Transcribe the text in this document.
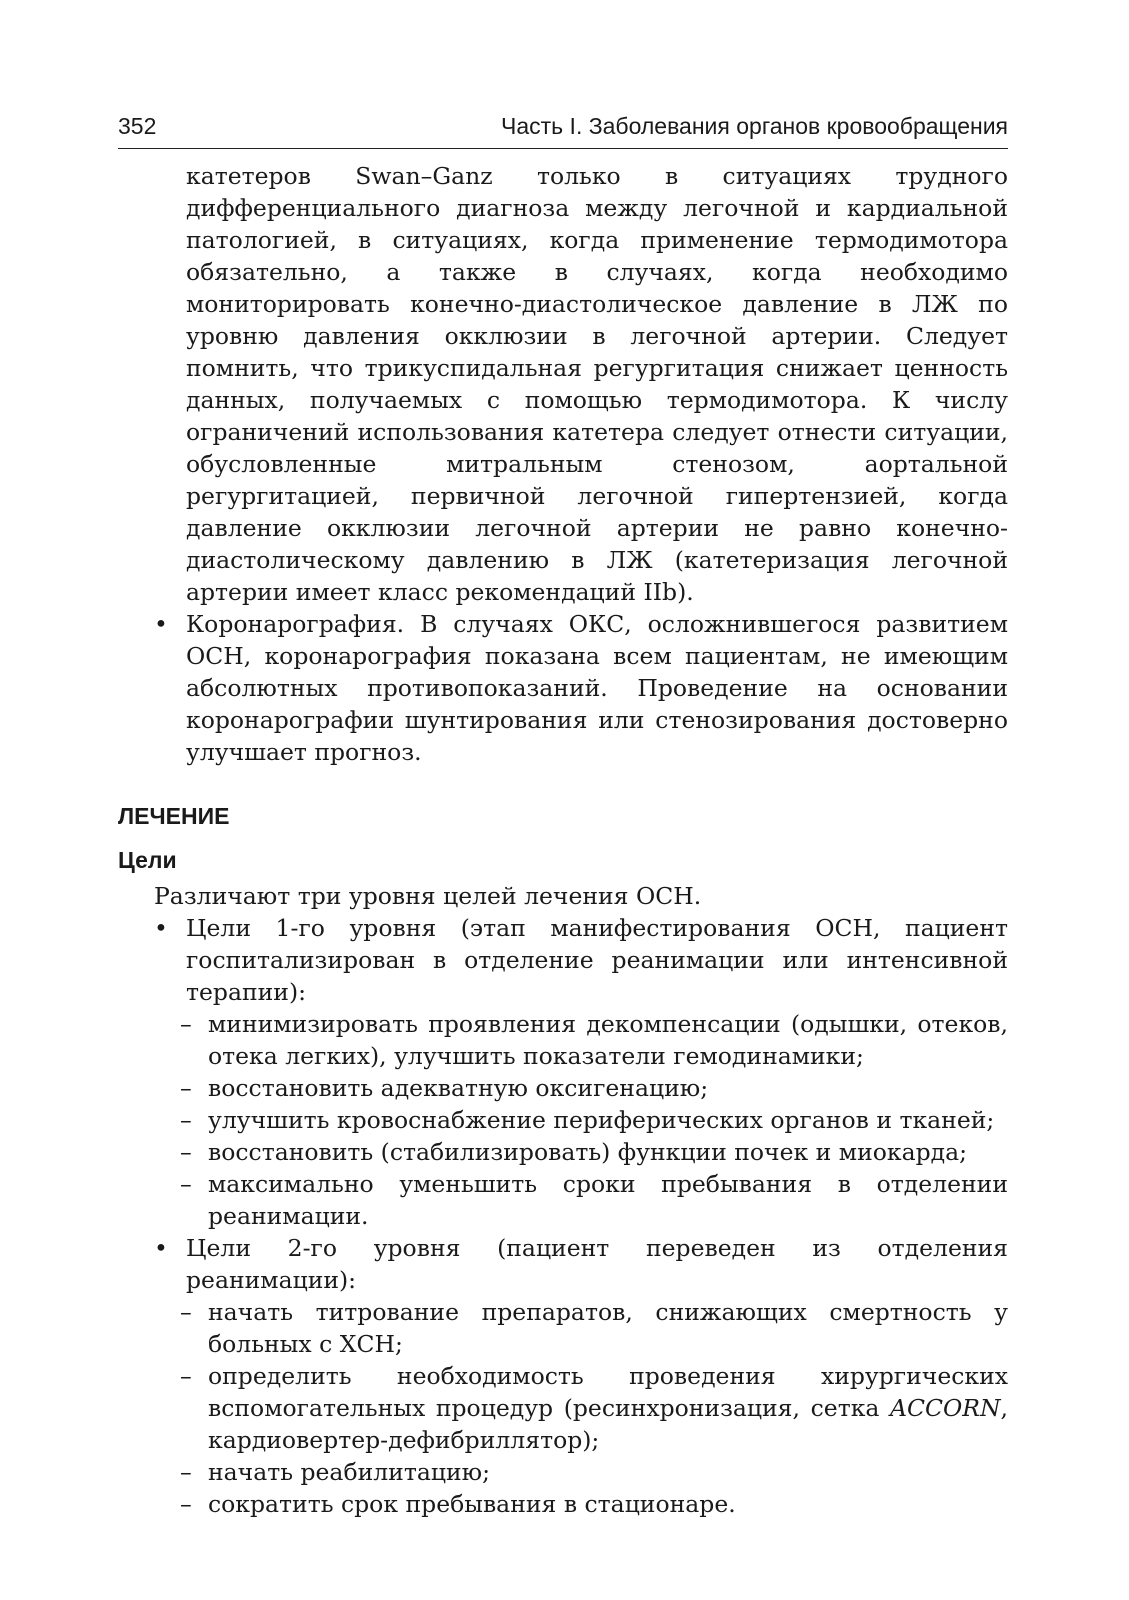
352	Часть I. Заболевания органов кровообращения

катетеров Swan–Ganz только в ситуациях трудного дифференциального диагноза между легочной и кардиальной патологией, в ситуациях, когда применение термодимотора обязательно, а также в случаях, когда необходимо мониторировать конечно-диастолическое давление в ЛЖ по уровню давления окклюзии в легочной артерии. Следует помнить, что трикуспидальная регургитация снижает ценность данных, получаемых с помощью термодимотора. К числу ограничений использования катетера следует отнести ситуации, обусловленные митральным стенозом, аортальной регургитацией, первичной легочной гипертензией, когда давление окклюзии легочной артерии не равно конечно-диастолическому давлению в ЛЖ (катетеризация легочной артерии имеет класс рекомендаций IIb).

• Коронарография. В случаях ОКС, осложнившегося развитием ОСН, коронарография показана всем пациентам, не имеющим абсолютных противопоказаний. Проведение на основании коронарографии шунтирования или стенозирования достоверно улучшает прогноз.

ЛЕЧЕНИЕ
Цели

Различают три уровня целей лечения ОСН.

• Цели 1-го уровня (этап манифестирования ОСН, пациент госпитализирован в отделение реанимации или интенсивной терапии):

– минимизировать проявления декомпенсации (одышки, отеков, отека легких), улучшить показатели гемодинамики;

– восстановить адекватную оксигенацию;

– улучшить кровоснабжение периферических органов и тканей;

– восстановить (стабилизировать) функции почек и миокарда;

– максимально уменьшить сроки пребывания в отделении реанимации.

• Цели 2-го уровня (пациент переведен из отделения реанимации):

– начать титрование препаратов, снижающих смертность у больных с ХСН;

– определить необходимость проведения хирургических вспомогательных процедур (ресинхронизация, сетка ACCORN, кардиовертер-дефибриллятор);

– начать реабилитацию;

– сократить срок пребывания в стационаре.
